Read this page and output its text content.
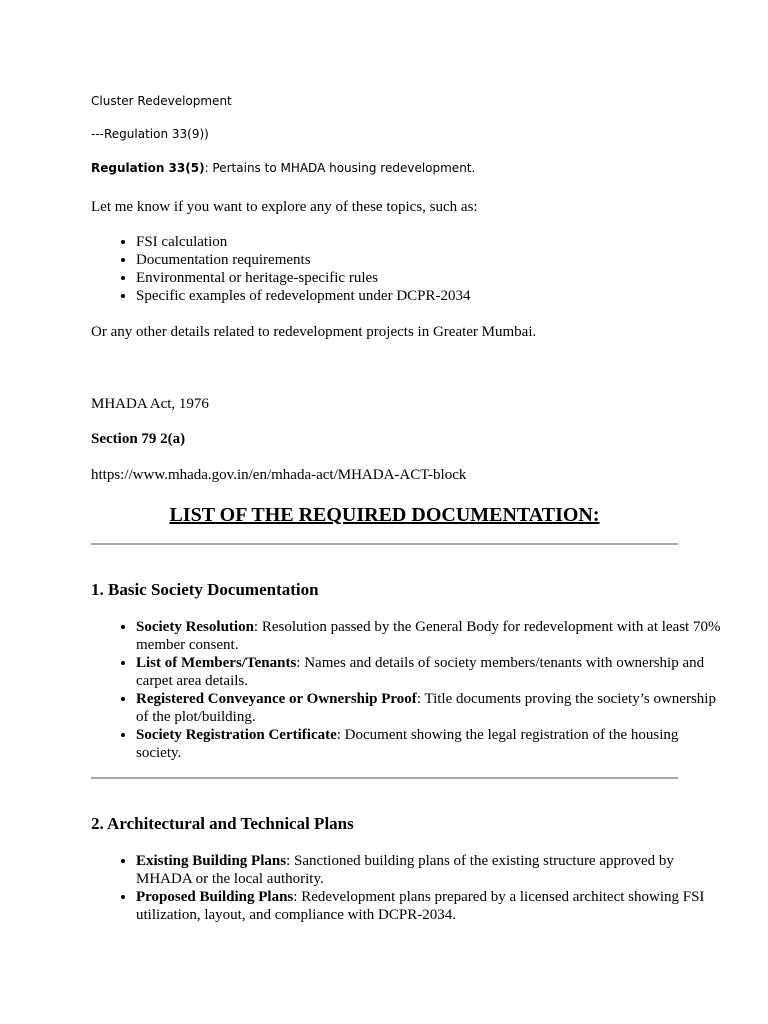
Cluster Redevelopment

---Regulation 33(9))

Regulation 33(5): Pertains to MHADA housing redevelopment.

Let me know if you want to explore any of these topics, such as:

• FSI calculation
• Documentation requirements
• Environmental or heritage-specific rules
• Specific examples of redevelopment under DCPR-2034

Or any other details related to redevelopment projects in Greater Mumbai.

MHADA Act, 1976

Section 79 2(a)

https://www.mhada.gov.in/en/mhada-act/MHADA-ACT-block

LIST OF THE REQUIRED DOCUMENTATION:
1. Basic Society Documentation
• Society Resolution: Resolution passed by the General Body for redevelopment with at least 70% member consent.
• List of Members/Tenants: Names and details of society members/tenants with ownership and carpet area details.
• Registered Conveyance or Ownership Proof: Title documents proving the society’s ownership of the plot/building.
• Society Registration Certificate: Document showing the legal registration of the housing society.
2. Architectural and Technical Plans
• Existing Building Plans: Sanctioned building plans of the existing structure approved by MHADA or the local authority.
• Proposed Building Plans: Redevelopment plans prepared by a licensed architect showing FSI utilization, layout, and compliance with DCPR-2034.
